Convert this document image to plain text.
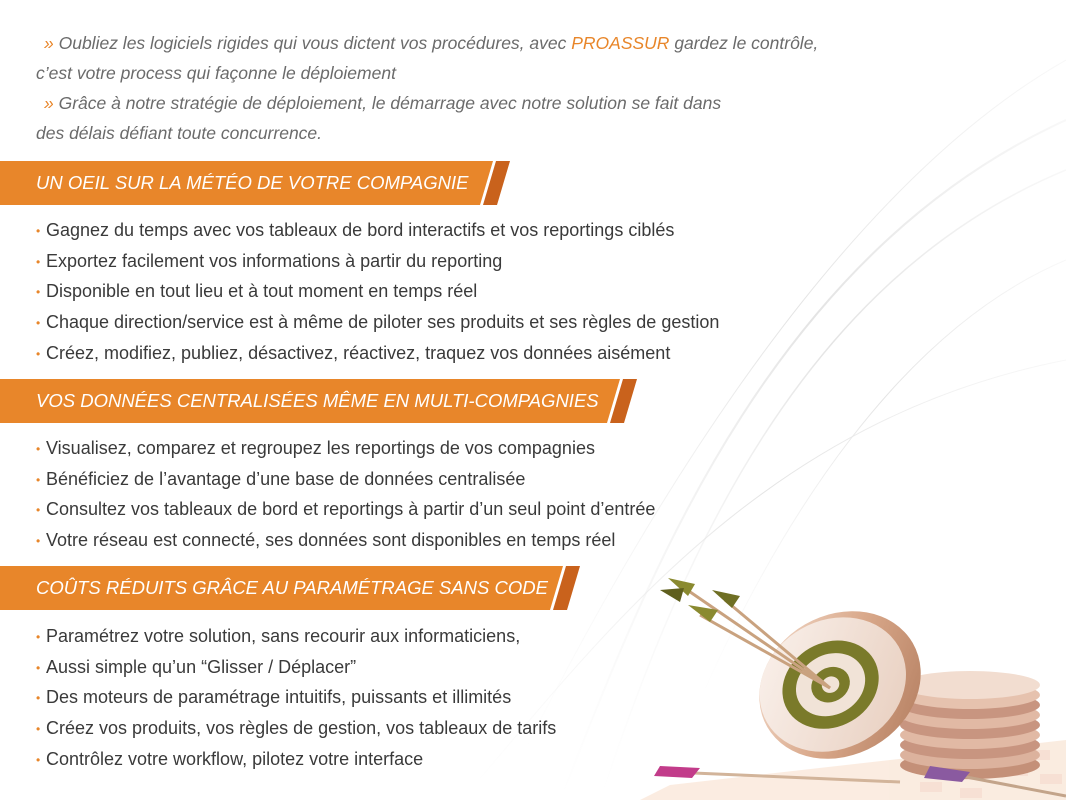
» Oubliez les logiciels rigides qui vous dictent vos procédures, avec PROASSUR gardez le contrôle,
c’est votre process qui façonne le déploiement
» Grâce à notre stratégie de déploiement, le démarrage avec notre solution se fait dans
des délais défiant toute concurrence.
UN OEIL SUR LA MÉTÉO DE VOTRE COMPAGNIE
• Gagnez du temps avec vos tableaux de bord interactifs et vos reportings ciblés
• Exportez facilement vos informations à partir du reporting
• Disponible en tout lieu et à tout moment en temps réel
• Chaque direction/service est à même de piloter ses produits et ses règles de gestion
• Créez, modifiez, publiez, désactivez, réactivez, traquez vos données aisément
VOS DONNÉES CENTRALISÉES MÊME EN MULTI-COMPAGNIES
• Visualisez, comparez et regroupez les reportings de vos compagnies
• Bénéficiez de l’avantage d’une base de données centralisée
• Consultez vos tableaux de bord et reportings à partir d’un seul point d’entrée
• Votre réseau est connecté, ses données sont disponibles en temps réel
COÛTS RÉDUITS GRÂCE AU PARAMÉTRAGE SANS CODE
• Paramétrez votre solution, sans recourir aux informaticiens,
• Aussi simple qu’un “Glisser / Déplacer”
• Des moteurs de paramétrage intuitifs, puissants et illimités
• Créez vos produits, vos règles de gestion, vos tableaux de tarifs
• Contrôlez votre workflow, pilotez votre interface
